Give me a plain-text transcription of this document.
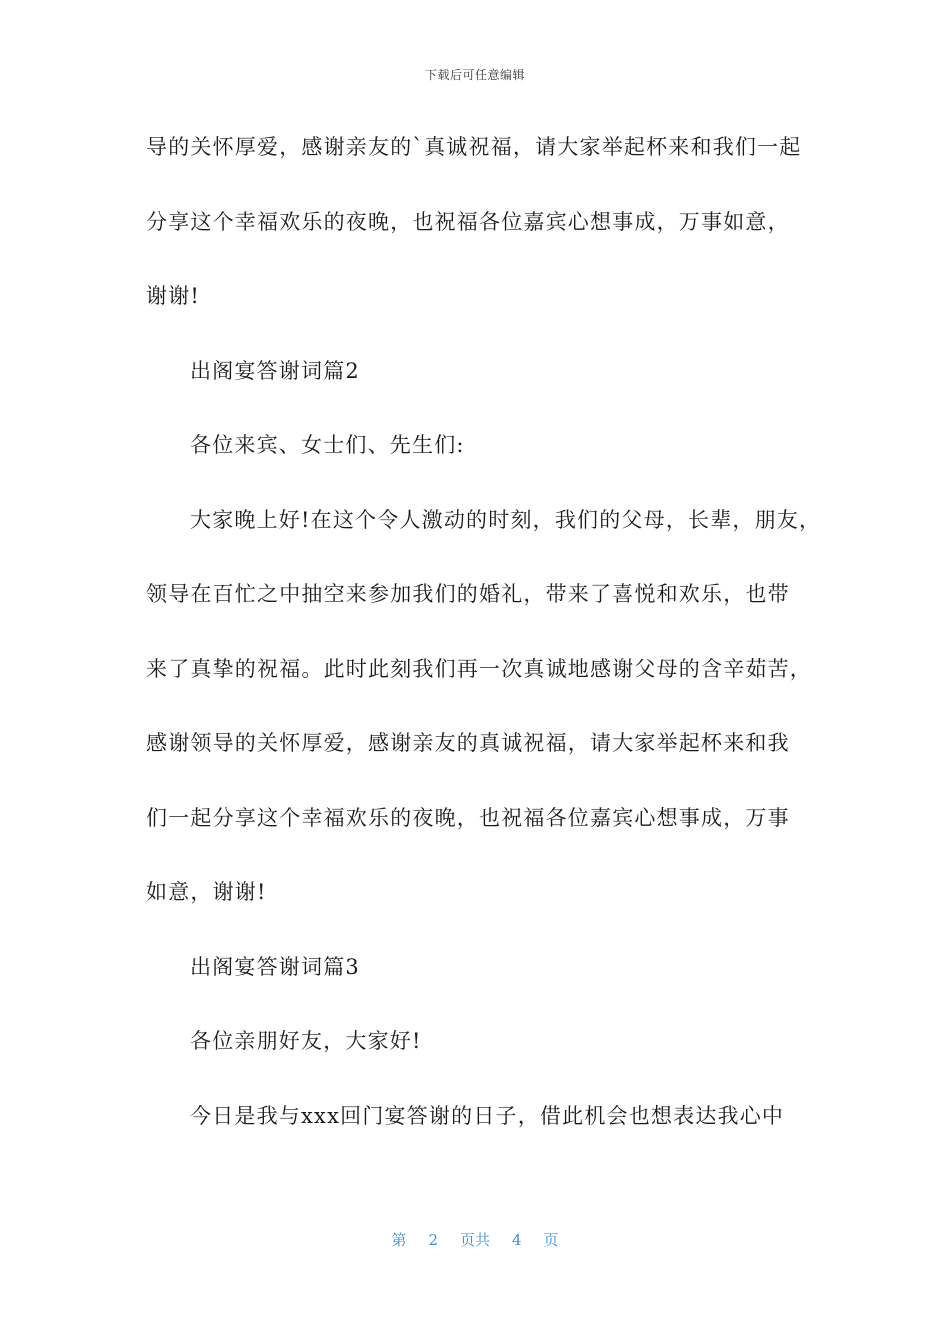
下载后可任意编辑
导的关怀厚爱，感谢亲友的`真诚祝福，请大家举起杯来和我们一起
分享这个幸福欢乐的夜晚，也祝福各位嘉宾心想事成，万事如意，
谢谢!
出阁宴答谢词篇2
各位来宾、女士们、先生们:
大家晚上好!在这个令人激动的时刻，我们的父母，长辈，朋友，
领导在百忙之中抽空来参加我们的婚礼，带来了喜悦和欢乐，也带
来了真挚的祝福。此时此刻我们再一次真诚地感谢父母的含辛茹苦，
感谢领导的关怀厚爱，感谢亲友的真诚祝福，请大家举起杯来和我
们一起分享这个幸福欢乐的夜晚，也祝福各位嘉宾心想事成，万事
如意，谢谢!
出阁宴答谢词篇3
各位亲朋好友，大家好!
今日是我与xxx回门宴答谢的日子，借此机会也想表达我心中
第 2 页共 4 页
